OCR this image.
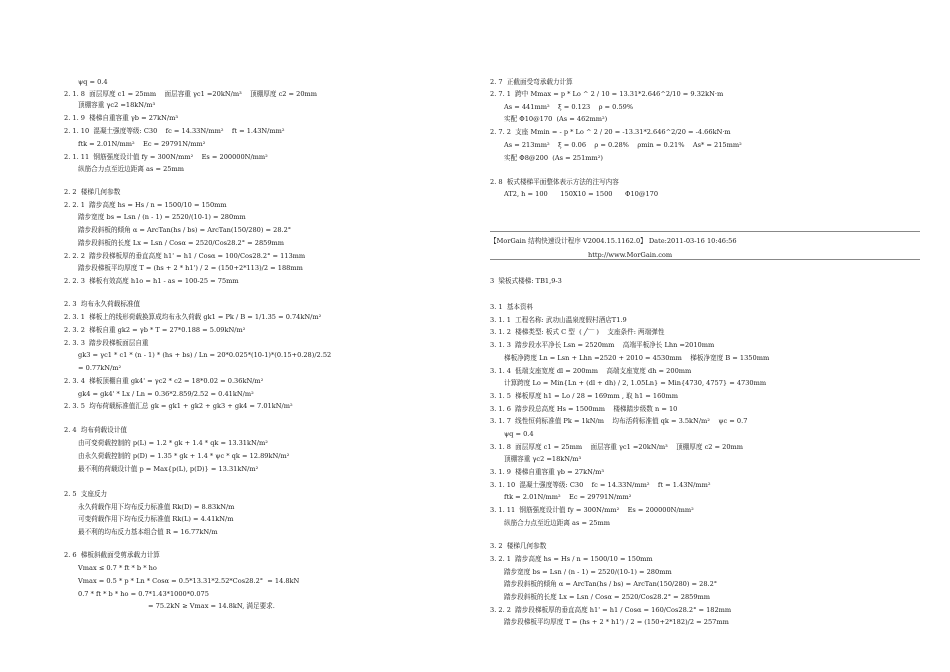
ψq = 0.4
2. 1. 8  面层厚度 c1 = 25mm    面层容重 γc1 =20kN/m³    顶棚厚度 c2 = 20mm
顶棚容重 γc2 =18kN/m³
2. 1. 9  楼梯自重容重 γb = 27kN/m³
2. 1. 10  混凝土强度等级: C30    fc = 14.33N/mm²    ft = 1.43N/mm²
ftk = 2.01N/mm²    Ec = 29791N/mm²
2. 1. 11  钢筋强度设计值 fy = 300N/mm²    Es = 200000N/mm²
纵筋合力点至近边距离 as = 25mm
2. 2  楼梯几何参数
2. 2. 1  踏步高度 hs = Hs / n = 1500/10 = 150mm
踏步宽度 bs = Lsn / (n - 1) = 2520/(10-1) = 280mm
踏步段斜板的倾角 α = ArcTan(hs / bs) = ArcTan(150/280) = 28.2°
踏步段斜板的长度 Lx = Lsn / Cosα = 2520/Cos28.2° = 2859mm
2. 2. 2  踏步段梯板厚的垂直高度 h1' = h1 / Cosα = 100/Cos28.2° = 113mm
踏步段梯板平均厚度 T = (hs + 2 * h1') / 2 = (150+2*113)/2 = 188mm
2. 2. 3  梯板有效高度 h1o = h1 - as = 100-25 = 75mm
2. 3  均布永久荷载标准值
2. 3. 1  梯板上的线形荷载换算成均布永久荷载 gk1 = Pk / B = 1/1.35 = 0.74kN/m²
2. 3. 2  梯板自重 gk2 = γb * T = 27*0.188 = 5.09kN/m²
2. 3. 3  踏步段梯板面层自重
gk3 = γc1 * c1 * (n - 1) * (hs + bs) / Ln = 20*0.025*(10-1)*(0.15+0.28)/2.52
= 0.77kN/m²
2. 3. 4  梯板顶棚自重 gk4' = γc2 * c2 = 18*0.02 = 0.36kN/m²
gk4 = gk4' * Lx / Ln = 0.36*2.859/2.52 = 0.41kN/m²
2. 3. 5  均布荷载标准值汇总 gk = gk1 + gk2 + gk3 + gk4 = 7.01kN/m²
2. 4  均布荷载设计值
由可变荷载控制的 p(L) = 1.2 * gk + 1.4 * qk = 13.31kN/m²
由永久荷载控制的 p(D) = 1.35 * gk + 1.4 * ψc * qk = 12.89kN/m²
最不利的荷载设计值 p = Max{p(L), p(D)} = 13.31kN/m²
2. 5  支座反力
永久荷载作用下均布反力标准值 Rk(D) = 8.83kN/m
可变荷载作用下均布反力标准值 Rk(L) = 4.41kN/m
最不利的均布反力基本组合值 R = 16.77kN/m
2. 6  梯板斜截面受剪承载力计算
Vmax ≤ 0.7 * ft * b * ho
Vmax = 0.5 * p * Ln * Cosα = 0.5*13.31*2.52*Cos28.2°  = 14.8kN
0.7 * ft * b * ho = 0.7*1.43*1000*0.075
= 75.2kN ≥ Vmax = 14.8kN, 满足要求.
2. 7  正截面受弯承载力计算
2. 7. 1  跨中 Mmax = p * Lo ^ 2 / 10 = 13.31*2.646^2/10 = 9.32kN·m
As = 441mm²    ξ = 0.123    ρ = 0.59%
实配 Φ10@170  (As = 462mm²)
2. 7. 2  支座 Mmin = - p * Lo ^ 2 / 20 = -13.31*2.646^2/20 = -4.66kN·m
As = 213mm²    ξ = 0.06    ρ = 0.28%    ρmin = 0.21%    As* = 215mm²
实配 Φ8@200  (As = 251mm²)
2. 8  板式楼梯平面整体表示方法的注写内容
AT2, h = 100      150X10 = 1500      Φ10@170
【MorGain 结构快速设计程序 V2004.15.1162.0】 Date:2011-03-16 10:46:56
http://www.MorGain.com
3  梁板式楼梯: TB1,9-3
3. 1  基本资料
3. 1. 1  工程名称: 武功山温泉度假村酒店T1.9
3. 1. 2  楼梯类型: 板式 C 型  ( ╱‾‾ )    支座条件: 两端弹性
3. 1. 3  踏步段水平净长 Lsn = 2520mm    高端平板净长 Lhn =2010mm
梯板净跨度 Ln = Lsn + Lhn =2520 + 2010 = 4530mm    梯板净宽度 B = 1350mm
3. 1. 4  低端支座宽度 dl = 200mm    高端支座宽度 dh = 200mm
计算跨度 Lo = Min{Ln + (dl + dh) / 2, 1.05Ln} = Min{4730, 4757} = 4730mm
3. 1. 5  梯板厚度 h1 = Lo / 28 = 169mm , 取 h1 = 160mm
3. 1. 6  踏步段总高度 Hs = 1500mm    楼梯踏步级数 n = 10
3. 1. 7  线性恒荷标准值 Pk = 1kN/m    均布活荷标准值 qk = 3.5kN/m²    ψc = 0.7
ψq = 0.4
3. 1. 8  面层厚度 c1 = 25mm    面层容重 γc1 =20kN/m³    顶棚厚度 c2 = 20mm
顶棚容重 γc2 =18kN/m³
3. 1. 9  楼梯自重容重 γb = 27kN/m³
3. 1. 10  混凝土强度等级: C30    fc = 14.33N/mm²    ft = 1.43N/mm²
ftk = 2.01N/mm²    Ec = 29791N/mm²
3. 1. 11  钢筋强度设计值 fy = 300N/mm²    Es = 200000N/mm²
纵筋合力点至近边距离 as = 25mm
3. 2  楼梯几何参数
3. 2. 1  踏步高度 hs = Hs / n = 1500/10 = 150mm
踏步宽度 bs = Lsn / (n - 1) = 2520/(10-1) = 280mm
踏步段斜板的倾角 α = ArcTan(hs / bs) = ArcTan(150/280) = 28.2°
踏步段斜板的长度 Lx = Lsn / Cosα = 2520/Cos28.2° = 2859mm
3. 2. 2  踏步段梯板厚的垂直高度 h1' = h1 / Cosα = 160/Cos28.2° = 182mm
踏步段梯板平均厚度 T = (hs + 2 * h1') / 2 = (150+2*182)/2 = 257mm
